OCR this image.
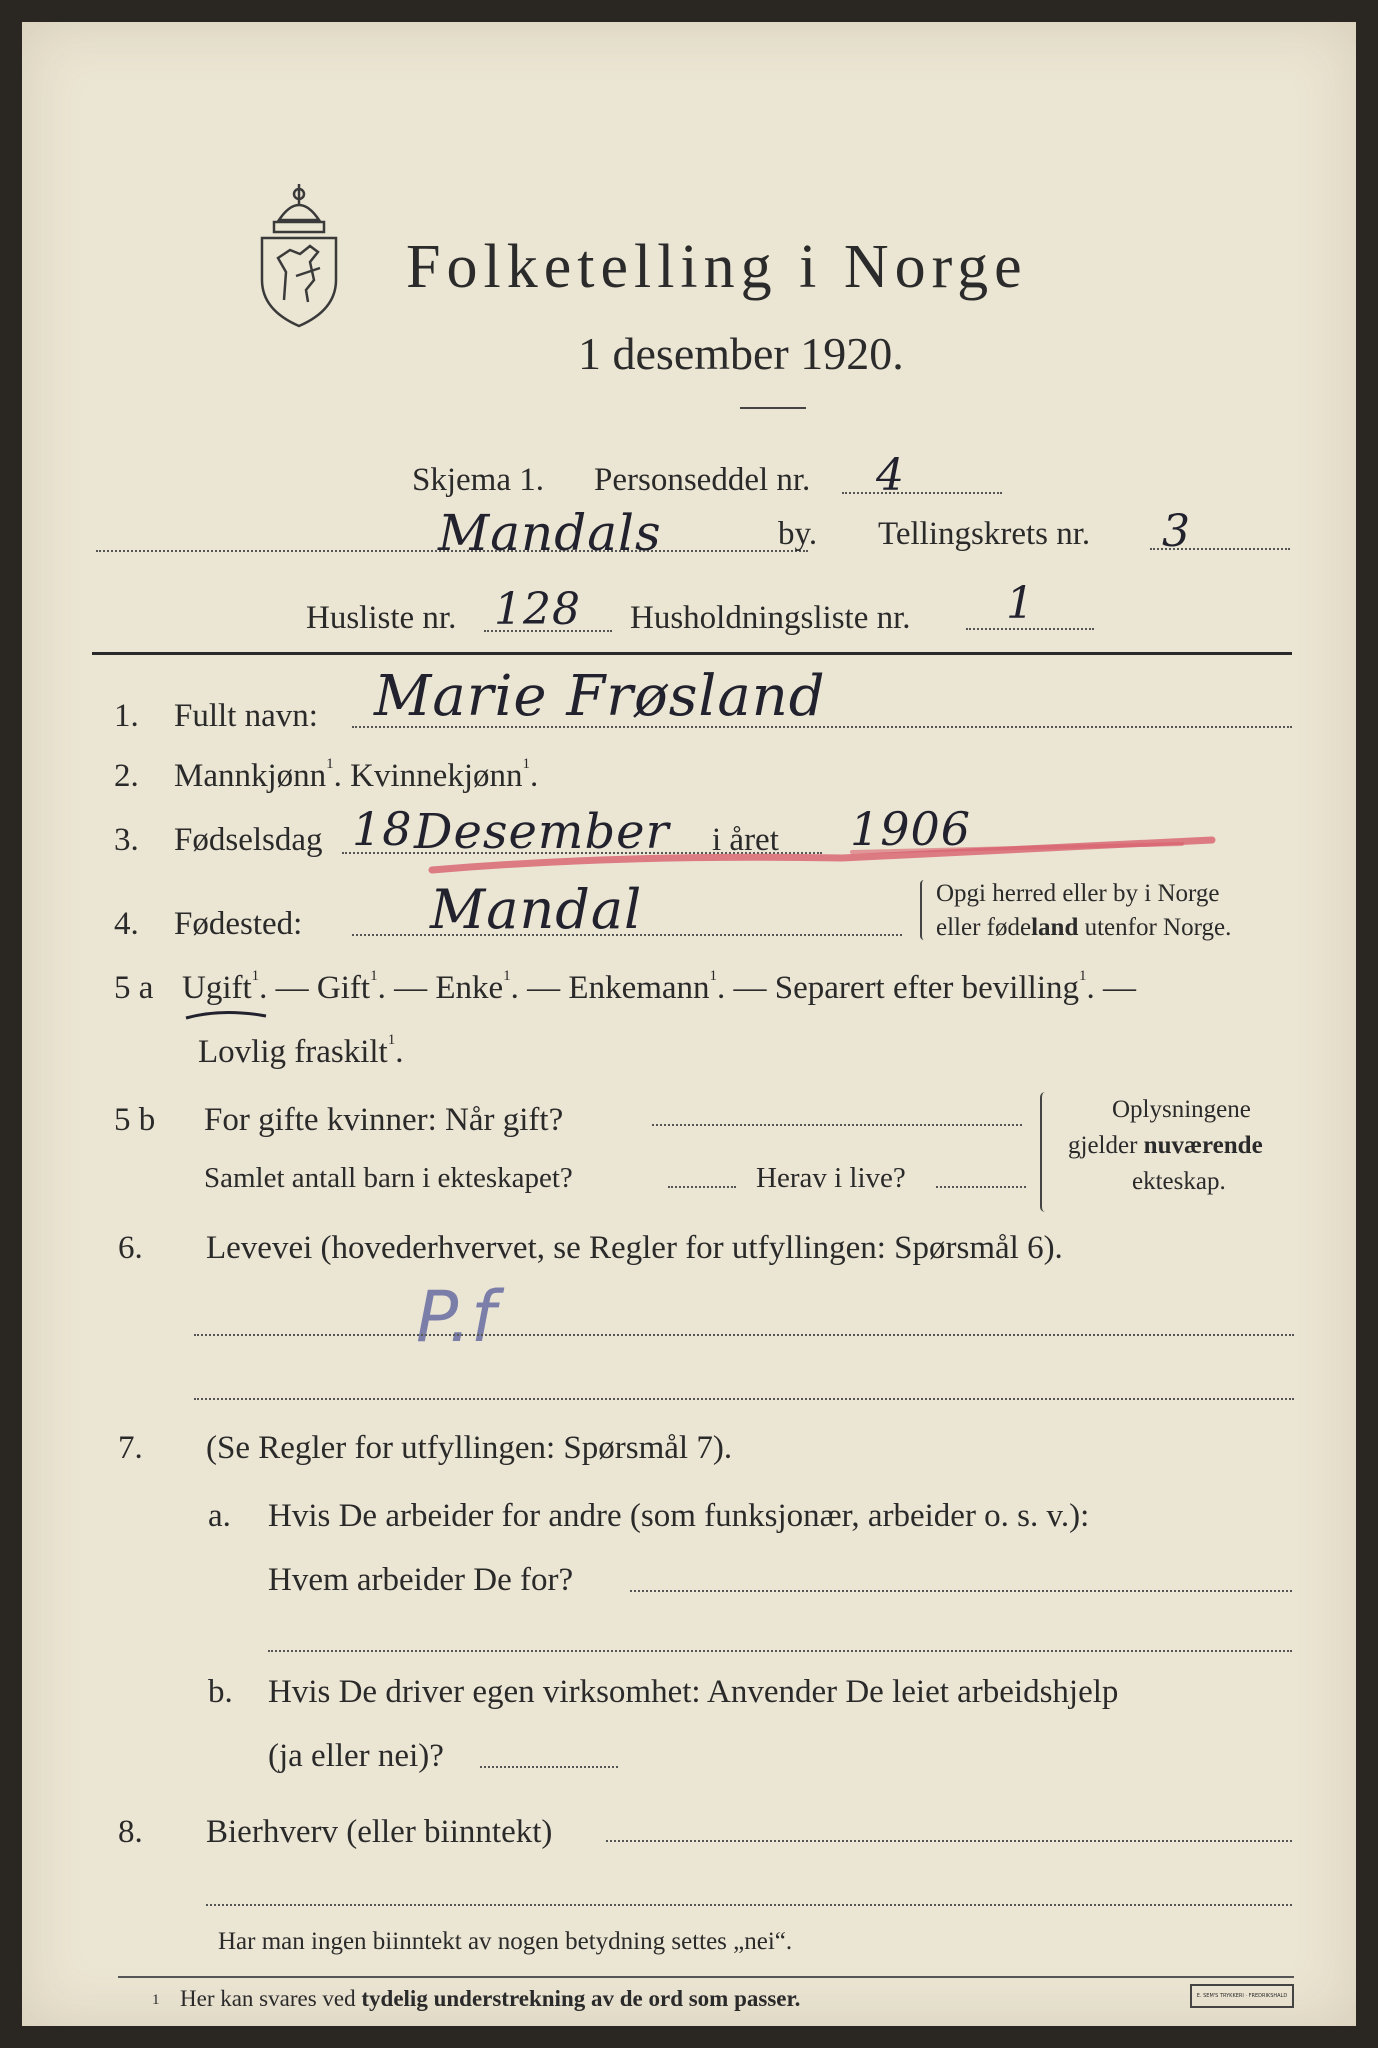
Folketelling i Norge
1 desember 1920.
Skjema 1. Personseddel nr. 4
Mandals	by. Tellingskrets nr. 3
Husliste nr. 128 Husholdningsliste nr. 1
1. Fullt navn: Marie Frøsland
2. Mannkjønn$^1$. Kvinnekjønn$^1$.
3. Fødselsdag 18 Desember i året 1906
4. Fødested: Mandal	Opgi herred eller by i Norge
eller fødeland utenfor Norge.
5 a Ugift$^1$. — Gift$^1$. — Enke$^1$. — Enkemann$^1$. — Separert efter bevilling$^1$. —
Lovlig fraskilt$^1$.
5 b For gifte kvinner: Når gift?
Samlet antall barn i ekteskapet?	Herav i live?
Oplysningene
gjelder nuværende
ekteskap.
6. Levevei (hovederhvervet, se Regler for utfyllingen: Spørsmål 6).
P.f
7. (Se Regler for utfyllingen: Spørsmål 7).
a. Hvis De arbeider for andre (som funksjonær, arbeider o. s. v.):
Hvem arbeider De for?
b. Hvis De driver egen virksomhet: Anvender De leiet arbeidshjelp
(ja eller nei)?
8. Bierhverv (eller biinntekt)
Har man ingen biinntekt av nogen betydning settes „nei“.
1 Her kan svares ved tydelig understrekning av de ord som passer.	E. SEM'S TRYKKERI · FREDRIKSHALD
